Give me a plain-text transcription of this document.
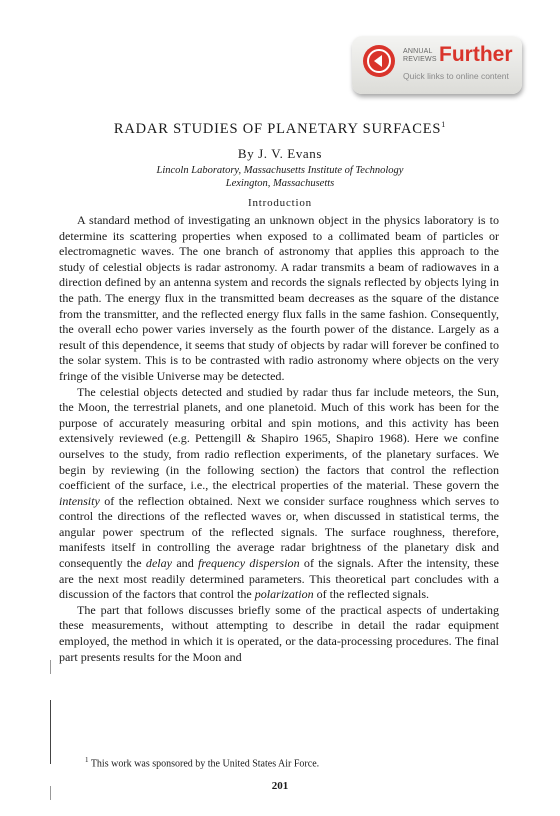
ANNUAL
REVIEWS Further
Quick links to online content
RADAR STUDIES OF PLANETARY SURFACES$^1$
By J. V. Evans
Lincoln Laboratory, Massachusetts Institute of Technology
Lexington, Massachusetts
Introduction

A standard method of investigating an unknown object in the physics laboratory is to determine its scattering properties when exposed to a collimated beam of particles or electromagnetic waves. The one branch of astronomy that applies this approach to the study of celestial objects is radar astronomy. A radar transmits a beam of radiowaves in a direction defined by an antenna system and records the signals reflected by objects lying in the path. The energy flux in the transmitted beam decreases as the square of the distance from the transmitter, and the reflected energy flux falls in the same fashion. Consequently, the overall echo power varies inversely as the fourth power of the distance. Largely as a result of this dependence, it seems that study of objects by radar will forever be confined to the solar system. This is to be contrasted with radio astronomy where objects on the very fringe of the visible Universe may be detected.

The celestial objects detected and studied by radar thus far include meteors, the Sun, the Moon, the terrestrial planets, and one planetoid. Much of this work has been for the purpose of accurately measuring orbital and spin motions, and this activity has been extensively reviewed (e.g. Pettengill & Shapiro 1965, Shapiro 1968). Here we confine ourselves to the study, from radio reflection experiments, of the planetary surfaces. We begin by reviewing (in the following section) the factors that control the reflection coefficient of the surface, i.e., the electrical properties of the material. These govern the intensity of the reflection obtained. Next we consider surface roughness which serves to control the directions of the reflected waves or, when discussed in statistical terms, the angular power spectrum of the reflected signals. The surface roughness, therefore, manifests itself in controlling the average radar brightness of the planetary disk and consequently the delay and frequency dispersion of the signals. After the intensity, these are the next most readily determined parameters. This theoretical part concludes with a discussion of the factors that control the polarization of the reflected signals.

The part that follows discusses briefly some of the practical aspects of undertaking these measurements, without attempting to describe in detail the radar equipment employed, the method in which it is operated, or the data-processing procedures. The final part presents results for the Moon and

$^1$ This work was sponsored by the United States Air Force.
201
